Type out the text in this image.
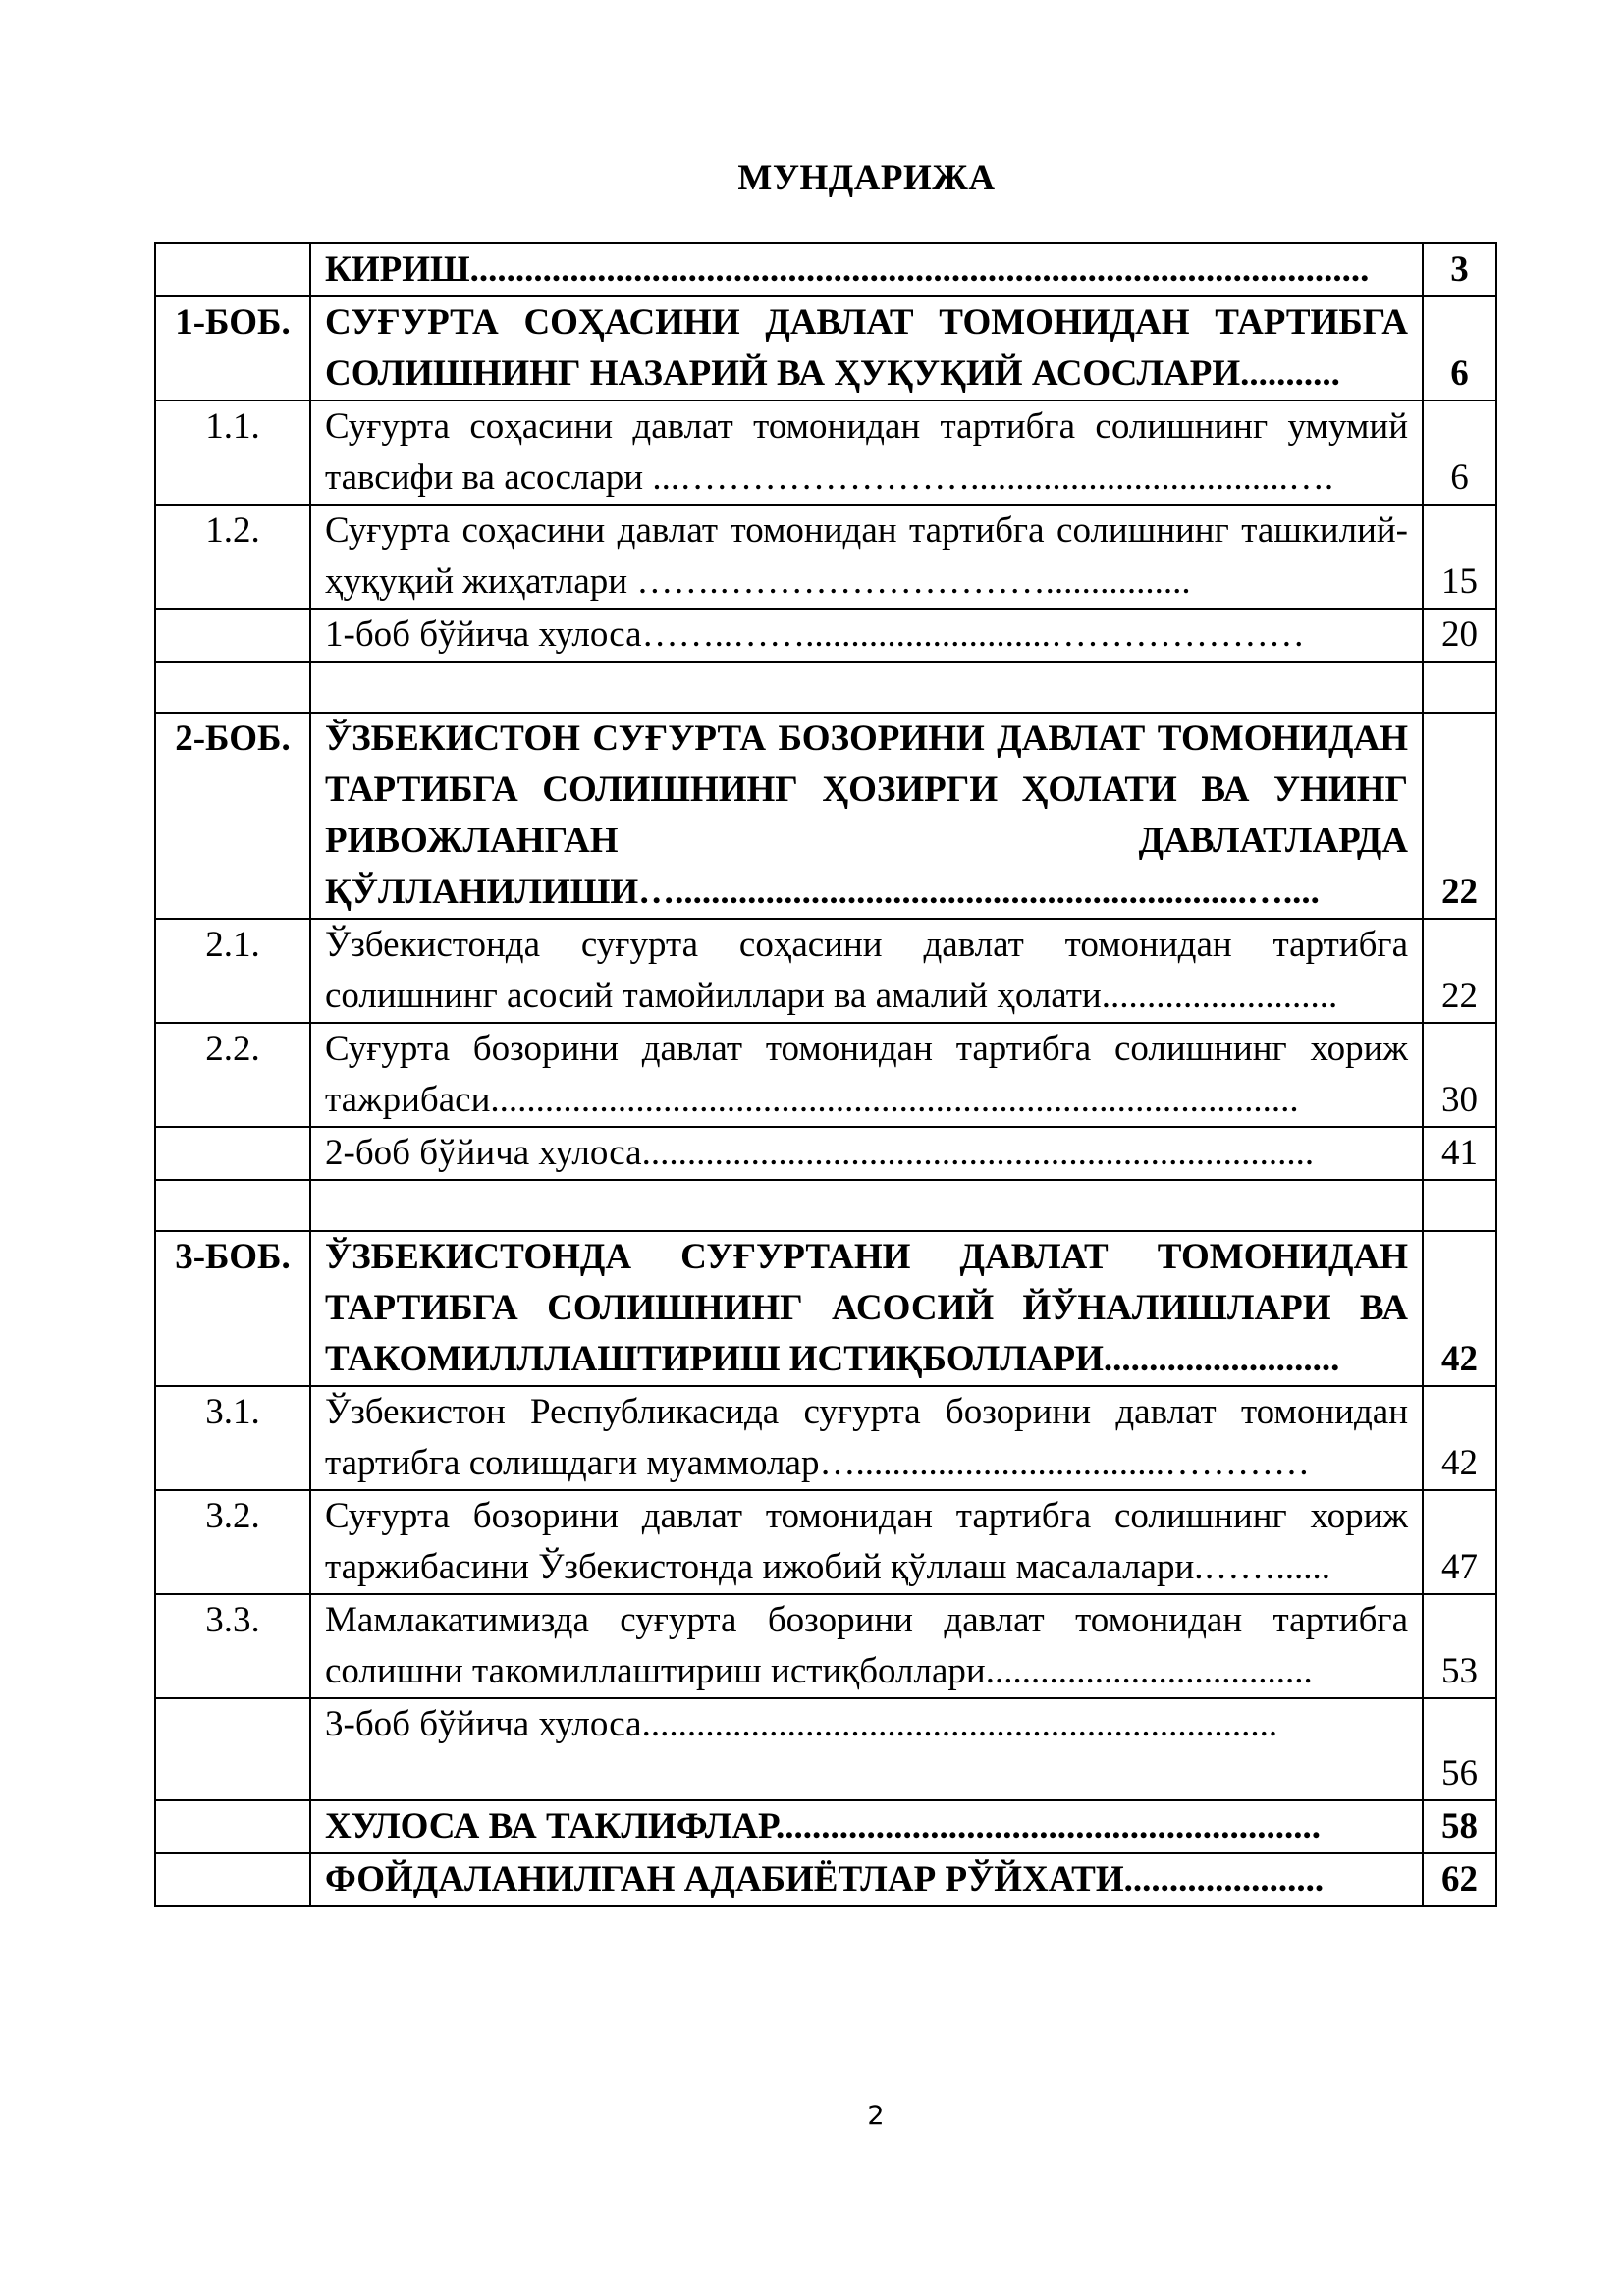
МУНДАРИЖА

	КИРИШ...................................................................................................	3
1-БОБ.	СУҒУРТА СОҲАСИНИ ДАВЛАТ ТОМОНИДАН ТАРТИБГА СОЛИШНИНГ НАЗАРИЙ ВА ҲУҚУҚИЙ АСОСЛАРИ...........	6
1.1.	Суғурта соҳасини давлат томонидан тартибга солишнинг умумий тавсифи ва асослари ...……………………...................................….	6
1.2.	Суғурта соҳасини давлат томонидан тартибга солишнинг ташкилий-ҳуқуқий жиҳатлари …….………………………................	15

	1-боб бўйича хулоса……..……...........................…………………	20

2-БОБ.	ЎЗБЕКИСТОН СУҒУРТА БОЗОРИНИ ДАВЛАТ ТОМОНИДАН ТАРТИБГА СОЛИШНИНГ ҲОЗИРГИ ҲОЛАТИ ВА УНИНГ РИВОЖЛАНГАН ДАВЛАТЛАРДА ҚЎЛЛАНИЛИШИ…...............................................................…....	22
2.1.	Ўзбекистонда суғурта соҳасини давлат томонидан тартибга солишнинг асосий тамойиллари ва амалий ҳолати..........................	22
2.2.	Суғурта бозорини давлат томонидан тартибга солишнинг хориж тажрибаси.........................................................................................	30

	2-боб бўйича хулоса..........................................................................	41

3-БОБ.	ЎЗБЕКИСТОНДА СУҒУРТАНИ ДАВЛАТ ТОМОНИДАН ТАРТИБГА СОЛИШНИНГ АСОСИЙ ЙЎНАЛИШЛАРИ ВА ТАКОМИЛЛЛАШТИРИШ ИСТИҚБОЛЛАРИ..........................	42
3.1.	Ўзбекистон Республикасида суғурта бозорини давлат томонидан тартибга солишдаги муаммолар…..................................…………	42
3.2.	Суғурта бозорини давлат томонидан тартибга солишнинг хориж таржибасини Ўзбекистонда ижобий қўллаш масалалари.……......	47
3.3.	Мамлакатимизда суғурта бозорини давлат томонидан тартибга солишни такомиллаштириш истиқболлари....................................	53

	3-боб бўйича хулоса......................................................................	56

	ХУЛОСА ВА ТАКЛИФЛАР............................................................	58

	ФОЙДАЛАНИЛГАН АДАБИЁТЛАР РЎЙХАТИ......................	62
2
